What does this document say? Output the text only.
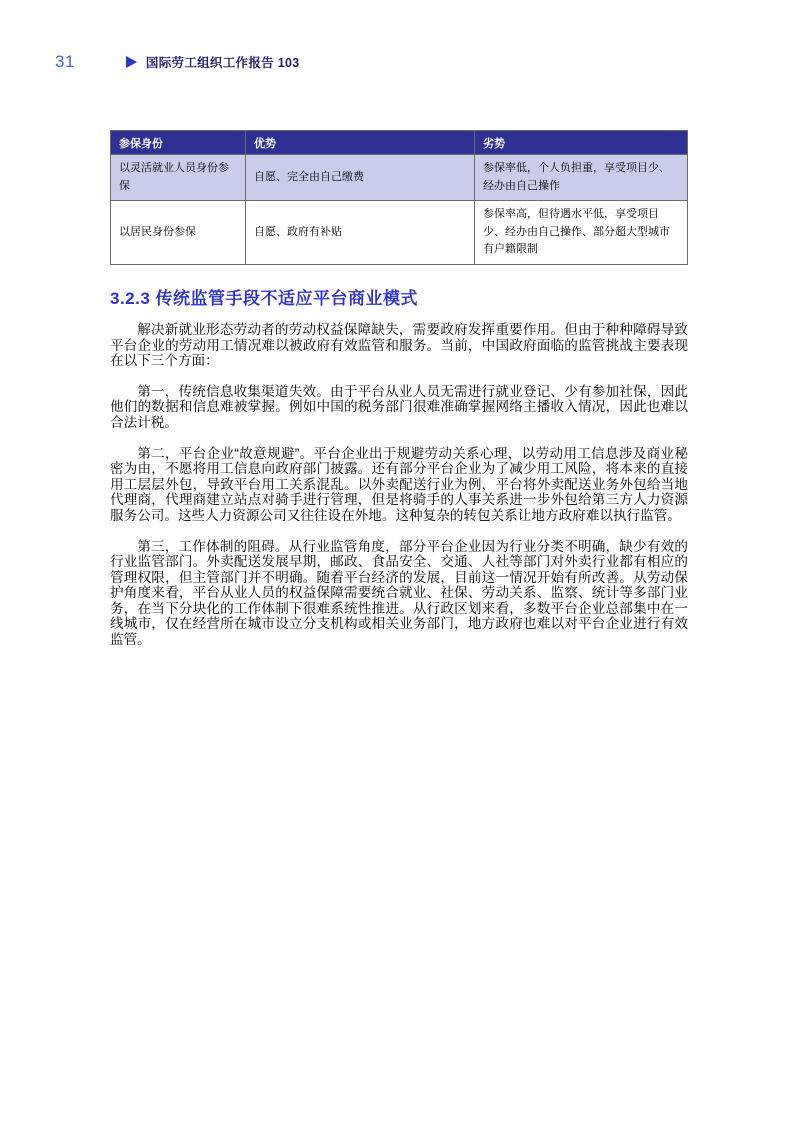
31	国际劳工组织工作报告 103
参保身份	优势	劣势
以灵活就业人员身份参保	自愿、完全由自己缴费	参保率低，个人负担重，享受项目少、经办由自己操作
以居民身份参保	自愿、政府有补贴	参保率高，但待遇水平低，享受项目少、经办由自己操作、部分超大型城市有户籍限制
3.2.3 传统监管手段不适应平台商业模式

解决新就业形态劳动者的劳动权益保障缺失，需要政府发挥重要作用。但由于种种障碍导致平台企业的劳动用工情况难以被政府有效监管和服务。当前，中国政府面临的监管挑战主要表现在以下三个方面：

第一，传统信息收集渠道失效。由于平台从业人员无需进行就业登记、少有参加社保，因此他们的数据和信息难被掌握。例如中国的税务部门很难准确掌握网络主播收入情况，因此也难以合法计税。

第二，平台企业“故意规避”。平台企业出于规避劳动关系心理，以劳动用工信息涉及商业秘密为由，不愿将用工信息向政府部门披露。还有部分平台企业为了减少用工风险，将本来的直接用工层层外包，导致平台用工关系混乱。以外卖配送行业为例，平台将外卖配送业务外包给当地代理商，代理商建立站点对骑手进行管理，但是将骑手的人事关系进一步外包给第三方人力资源服务公司。这些人力资源公司又往往设在外地。这种复杂的转包关系让地方政府难以执行监管。

第三，工作体制的阻碍。从行业监管角度，部分平台企业因为行业分类不明确，缺少有效的行业监管部门。外卖配送发展早期，邮政、食品安全、交通、人社等部门对外卖行业都有相应的管理权限，但主管部门并不明确。随着平台经济的发展，目前这一情况开始有所改善。从劳动保护角度来看，平台从业人员的权益保障需要统合就业、社保、劳动关系、监察、统计等多部门业务，在当下分块化的工作体制下很难系统性推进。从行政区划来看，多数平台企业总部集中在一线城市，仅在经营所在城市设立分支机构或相关业务部门，地方政府也难以对平台企业进行有效监管。
